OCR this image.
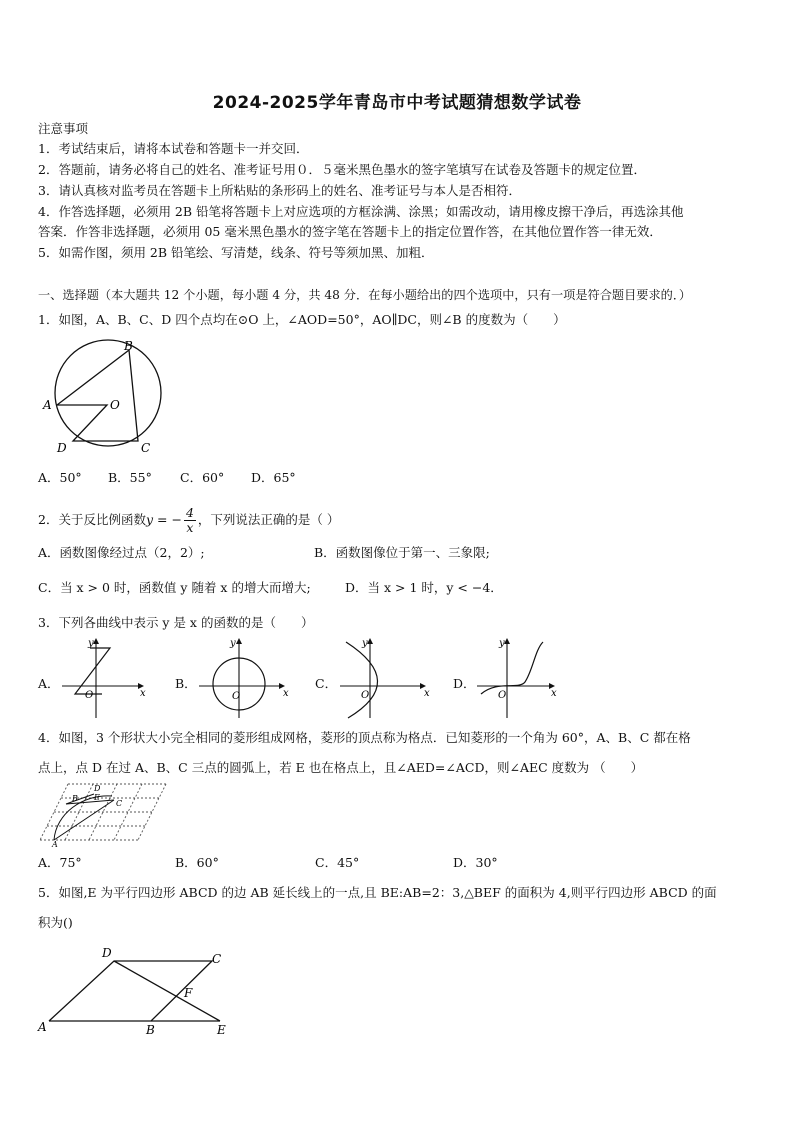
2024-2025学年青岛市中考试题猜想数学试卷
注意事项
1．考试结束后，请将本试卷和答题卡一并交回．
2．答题前，请务必将自己的姓名、准考证号用０．５毫米黑色墨水的签字笔填写在试卷及答题卡的规定位置．
3．请认真核对监考员在答题卡上所粘贴的条形码上的姓名、准考证号与本人是否相符．
4．作答选择题，必须用 2B 铅笔将答题卡上对应选项的方框涂满、涂黑；如需改动，请用橡皮擦干净后，再选涂其他
答案．作答非选择题，必须用 05 毫米黑色墨水的签字笔在答题卡上的指定位置作答，在其他位置作答一律无效．
5．如需作图，须用 2B 铅笔绘、写清楚，线条、符号等须加黑、加粗．
一、选择题（本大题共 12 个小题，每小题 4 分，共 48 分．在每小题给出的四个选项中，只有一项是符合题目要求的．）
1．如图，A、B、C、D 四个点均在⊙O 上，∠AOD=50°，AO∥DC，则∠B 的度数为（　　）
A
B
C
D
O
A．50° B．55° C．60° D．65°
2．关于反比例函数y = − $\frac{4}{x}$ ，下列说法正确的是（ ）
A．函数图像经过点（2，2）;	B．函数图像位于第一、三象限;
C．当 x > 0 时，函数值 y 随着 x 的增大而增大;	D．当 x > 1 时，y < −4．
3．下列各曲线中表示 y 是 x 的函数的是（　　）
A．	B．	C．	D．
x
y
O	x
y
O	x
y
O	x
y
O
4．如图，3 个形状大小完全相同的菱形组成网格，菱形的顶点称为格点．已知菱形的一个角为 60°，A、B、C 都在格
点上，点 D 在过 A、B、C 三点的圆弧上，若 E 也在格点上，且∠AED=∠ACD，则∠AEC 度数为 （　　）
A
B
C
D
E
A．75°	B．60°	C．45°	D．30°
5．如图,E 为平行四边形 ABCD 的边 AB 延长线上的一点,且 BE:AB=2：3,△BEF 的面积为 4,则平行四边形 ABCD 的面
积为()
A	B
C
D
E
F
